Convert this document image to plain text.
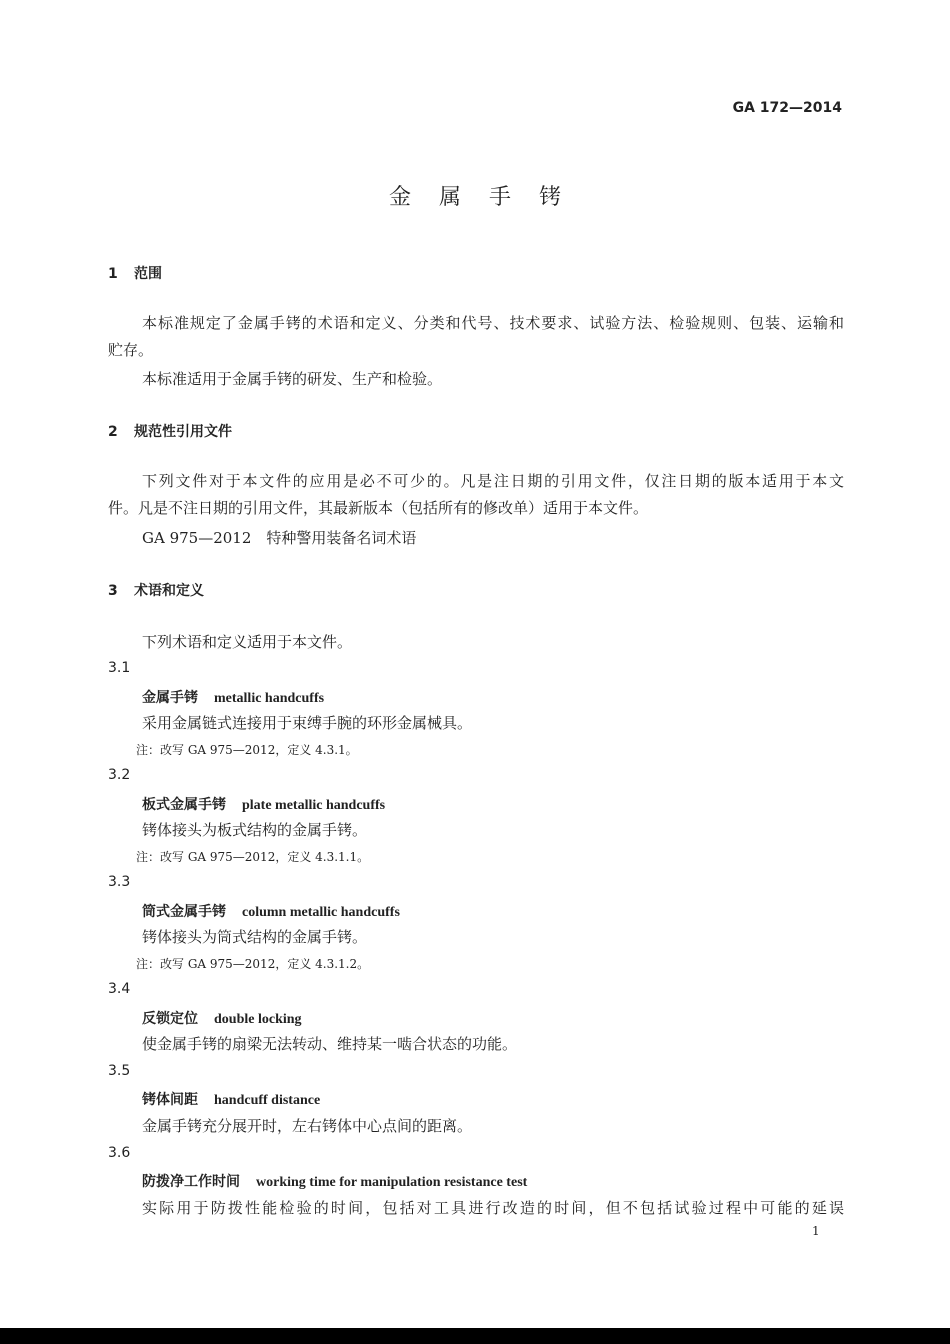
GA 172—2014
金属手铐
1 范围
本标准规定了金属手铐的术语和定义、分类和代号、技术要求、试验方法、检验规则、包装、运输和
贮存。
本标准适用于金属手铐的研发、生产和检验。
2 规范性引用文件
下列文件对于本文件的应用是必不可少的。凡是注日期的引用文件，仅注日期的版本适用于本文
件。凡是不注日期的引用文件，其最新版本（包括所有的修改单）适用于本文件。
GA 975—2012　特种警用装备名词术语
3 术语和定义
下列术语和定义适用于本文件。
3.1
金属手铐 metallic handcuffs
采用金属链式连接用于束缚手腕的环形金属械具。
注：改写 GA 975—2012，定义 4.3.1。
3.2
板式金属手铐 plate metallic handcuffs
铐体接头为板式结构的金属手铐。
注：改写 GA 975—2012，定义 4.3.1.1。
3.3
筒式金属手铐 column metallic handcuffs
铐体接头为筒式结构的金属手铐。
注：改写 GA 975—2012，定义 4.3.1.2。
3.4
反锁定位 double locking
使金属手铐的扇梁无法转动、维持某一啮合状态的功能。
3.5
铐体间距 handcuff distance
金属手铐充分展开时，左右铐体中心点间的距离。
3.6
防拨净工作时间 working time for manipulation resistance test
实际用于防拨性能检验的时间，包括对工具进行改造的时间，但不包括试验过程中可能的延误
1
